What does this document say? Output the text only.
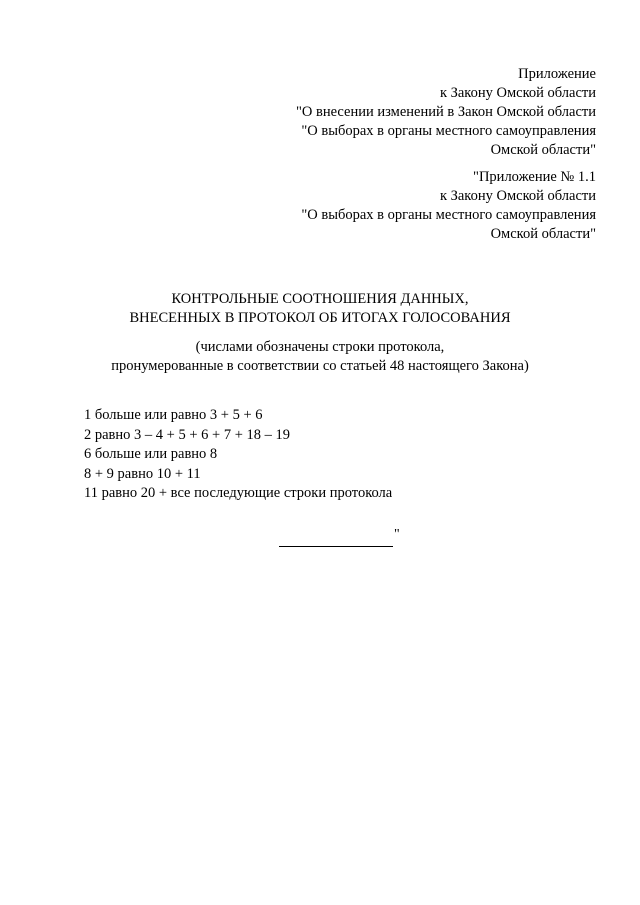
Приложение
к Закону Омской области
"О внесении изменений в Закон Омской области
"О выборах в органы местного самоуправления
Омской области"
"Приложение № 1.1
к Закону Омской области
"О выборах в органы местного самоуправления
Омской области"
КОНТРОЛЬНЫЕ СООТНОШЕНИЯ ДАННЫХ,
ВНЕСЕННЫХ В ПРОТОКОЛ ОБ ИТОГАХ ГОЛОСОВАНИЯ
(числами обозначены строки протокола,
пронумерованные в соответствии со статьей 48 настоящего Закона)
1 больше или равно 3 + 5 + 6
2 равно 3 – 4 + 5 + 6 + 7 + 18 – 19
6 больше или равно 8
8 + 9 равно 10 + 11
11 равно 20 + все последующие строки протокола
"
